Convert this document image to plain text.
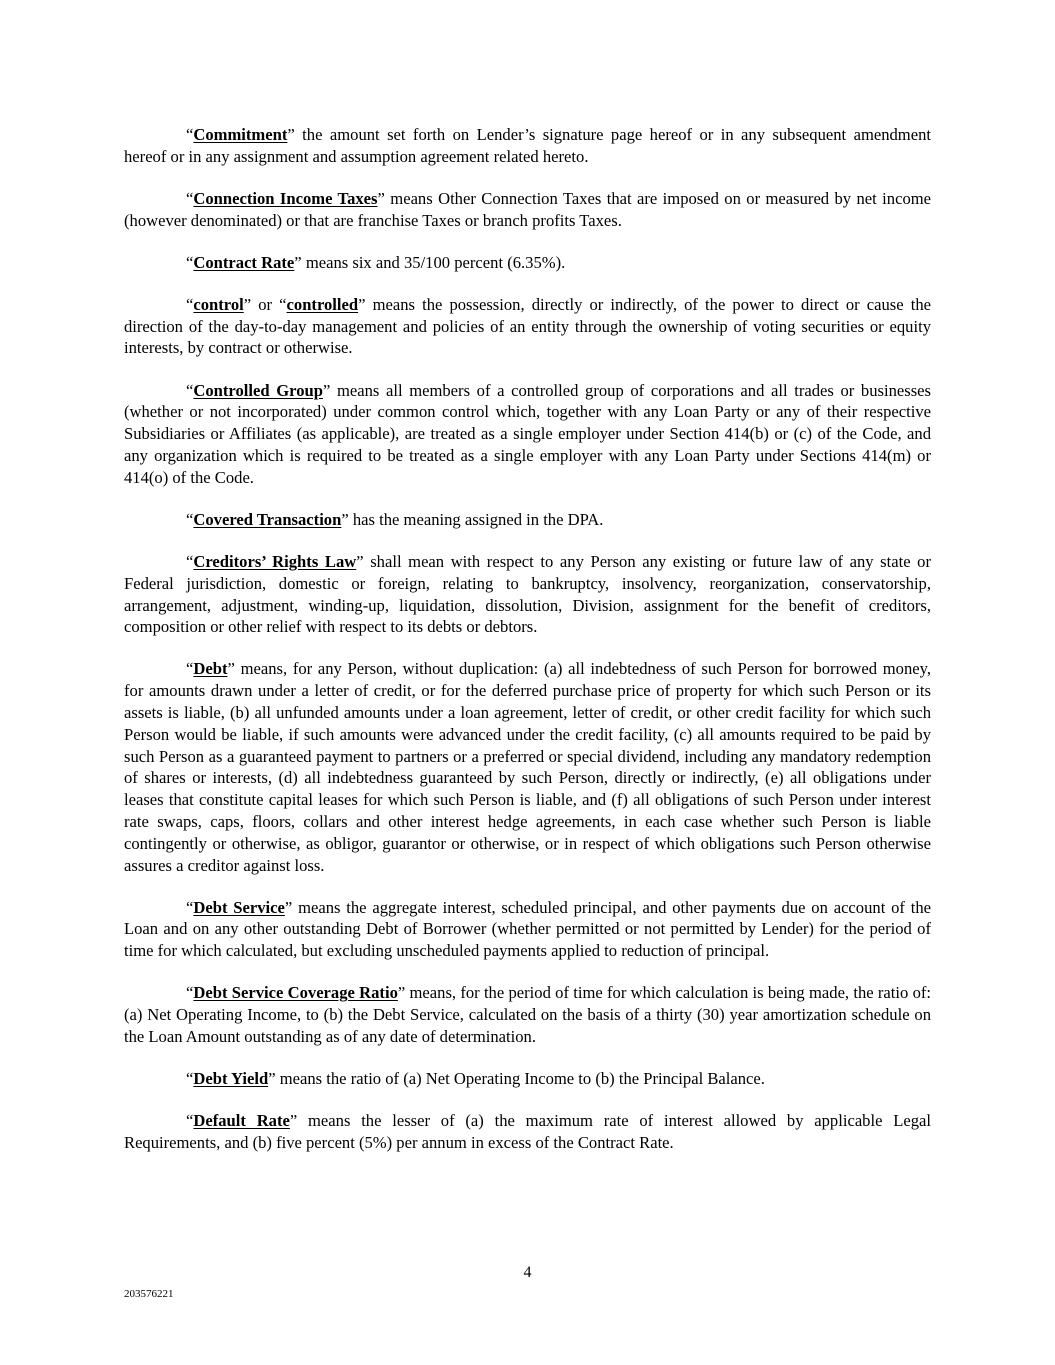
“Commitment” the amount set forth on Lender’s signature page hereof or in any subsequent amendment hereof or in any assignment and assumption agreement related hereto.

“Connection Income Taxes” means Other Connection Taxes that are imposed on or measured by net income (however denominated) or that are franchise Taxes or branch profits Taxes.

“Contract Rate” means six and 35/100 percent (6.35%).

“control” or “controlled” means the possession, directly or indirectly, of the power to direct or cause the direction of the day-to-day management and policies of an entity through the ownership of voting securities or equity interests, by contract or otherwise.

“Controlled Group” means all members of a controlled group of corporations and all trades or businesses (whether or not incorporated) under common control which, together with any Loan Party or any of their respective Subsidiaries or Affiliates (as applicable), are treated as a single employer under Section 414(b) or (c) of the Code, and any organization which is required to be treated as a single employer with any Loan Party under Sections 414(m) or 414(o) of the Code.

“Covered Transaction” has the meaning assigned in the DPA.

“Creditors’ Rights Law” shall mean with respect to any Person any existing or future law of any state or Federal jurisdiction, domestic or foreign, relating to bankruptcy, insolvency, reorganization, conservatorship, arrangement, adjustment, winding-up, liquidation, dissolution, Division, assignment for the benefit of creditors, composition or other relief with respect to its debts or debtors.

“Debt” means, for any Person, without duplication: (a) all indebtedness of such Person for borrowed money, for amounts drawn under a letter of credit, or for the deferred purchase price of property for which such Person or its assets is liable, (b) all unfunded amounts under a loan agreement, letter of credit, or other credit facility for which such Person would be liable, if such amounts were advanced under the credit facility, (c) all amounts required to be paid by such Person as a guaranteed payment to partners or a preferred or special dividend, including any mandatory redemption of shares or interests, (d) all indebtedness guaranteed by such Person, directly or indirectly, (e) all obligations under leases that constitute capital leases for which such Person is liable, and (f) all obligations of such Person under interest rate swaps, caps, floors, collars and other interest hedge agreements, in each case whether such Person is liable contingently or otherwise, as obligor, guarantor or otherwise, or in respect of which obligations such Person otherwise assures a creditor against loss.

“Debt Service” means the aggregate interest, scheduled principal, and other payments due on account of the Loan and on any other outstanding Debt of Borrower (whether permitted or not permitted by Lender) for the period of time for which calculated, but excluding unscheduled payments applied to reduction of principal.

“Debt Service Coverage Ratio” means, for the period of time for which calculation is being made, the ratio of: (a) Net Operating Income, to (b) the Debt Service, calculated on the basis of a thirty (30) year amortization schedule on the Loan Amount outstanding as of any date of determination.

“Debt Yield” means the ratio of (a) Net Operating Income to (b) the Principal Balance.

“Default Rate” means the lesser of (a) the maximum rate of interest allowed by applicable Legal Requirements, and (b) five percent (5%) per annum in excess of the Contract Rate.

4
203576221
